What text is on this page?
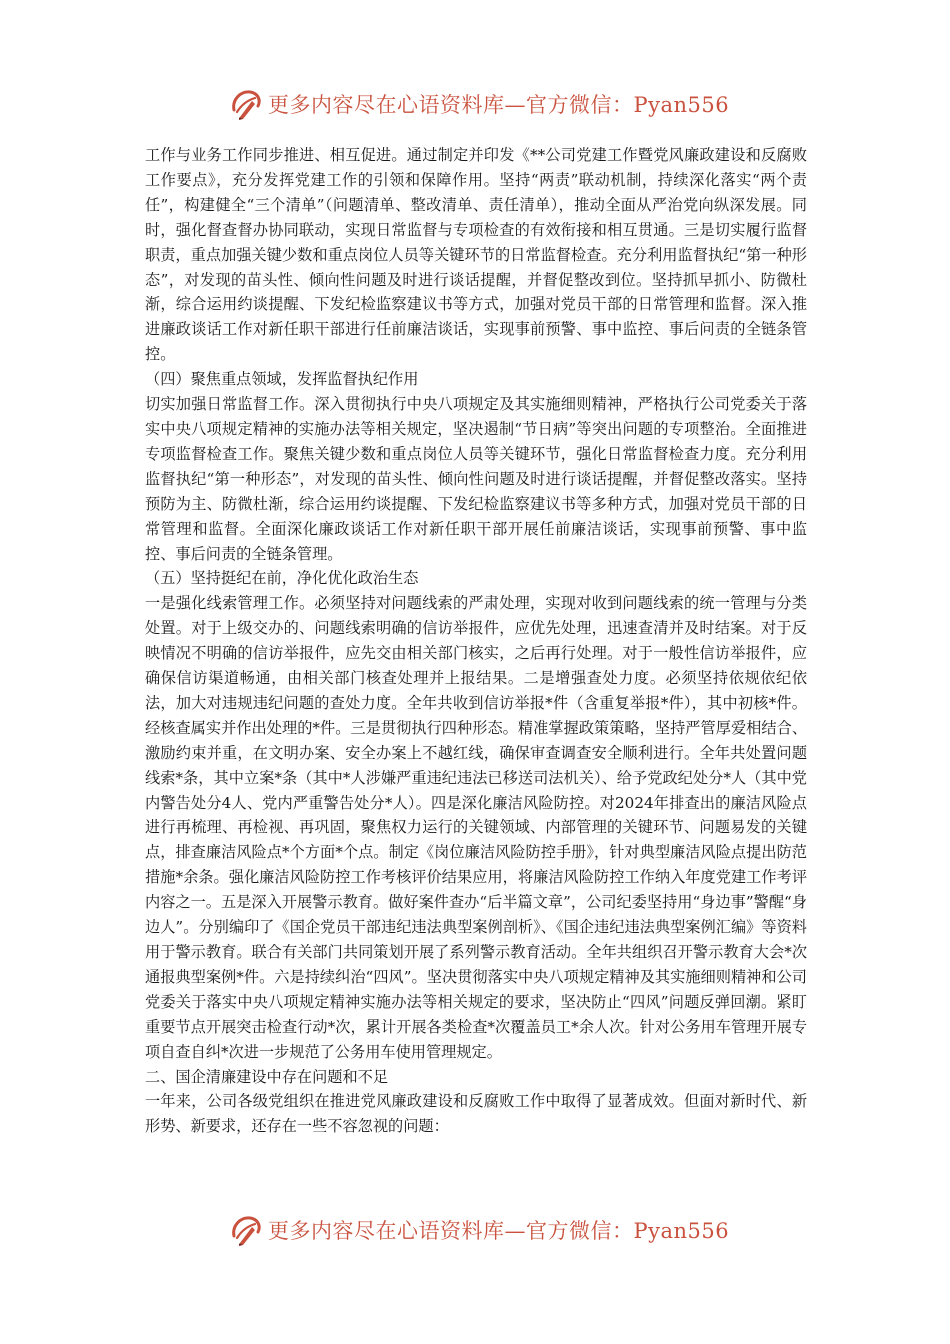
更多内容尽在心语资料库—官方微信：Pyan556

工作与业务工作同步推进、相互促进。通过制定并印发《**公司党建工作暨党风廉政建设和反腐败工作要点》，充分发挥党建工作的引领和保障作用。坚持“两责”联动机制，持续深化落实“两个责任”，构建健全“三个清单”（问题清单、整改清单、责任清单），推动全面从严治党向纵深发展。同时，强化督查督办协同联动，实现日常监督与专项检查的有效衔接和相互贯通。三是切实履行监督职责，重点加强关键少数和重点岗位人员等关键环节的日常监督检查。充分利用监督执纪“第一种形态”，对发现的苗头性、倾向性问题及时进行谈话提醒，并督促整改到位。坚持抓早抓小、防微杜渐，综合运用约谈提醒、下发纪检监察建议书等方式，加强对党员干部的日常管理和监督。深入推进廉政谈话工作对新任职干部进行任前廉洁谈话，实现事前预警、事中监控、事后问责的全链条管控。

（四）聚焦重点领域，发挥监督执纪作用

切实加强日常监督工作。深入贯彻执行中央八项规定及其实施细则精神，严格执行公司党委关于落实中央八项规定精神的实施办法等相关规定，坚决遏制“节日病”等突出问题的专项整治。全面推进专项监督检查工作。聚焦关键少数和重点岗位人员等关键环节，强化日常监督检查力度。充分利用监督执纪“第一种形态”，对发现的苗头性、倾向性问题及时进行谈话提醒，并督促整改落实。坚持预防为主、防微杜渐，综合运用约谈提醒、下发纪检监察建议书等多种方式，加强对党员干部的日常管理和监督。全面深化廉政谈话工作对新任职干部开展任前廉洁谈话，实现事前预警、事中监控、事后问责的全链条管理。

（五）坚持挺纪在前，净化优化政治生态

一是强化线索管理工作。必须坚持对问题线索的严肃处理，实现对收到问题线索的统一管理与分类处置。对于上级交办的、问题线索明确的信访举报件，应优先处理，迅速查清并及时结案。对于反映情况不明确的信访举报件，应先交由相关部门核实，之后再行处理。对于一般性信访举报件，应确保信访渠道畅通，由相关部门核查处理并上报结果。二是增强查处力度。必须坚持依规依纪依法，加大对违规违纪问题的查处力度。全年共收到信访举报*件（含重复举报*件），其中初核*件。经核查属实并作出处理的*件。三是贯彻执行四种形态。精准掌握政策策略，坚持严管厚爱相结合、激励约束并重，在文明办案、安全办案上不越红线，确保审查调查安全顺利进行。全年共处置问题线索*条，其中立案*条（其中*人涉嫌严重违纪违法已移送司法机关）、给予党政纪处分*人（其中党内警告处分4人、党内严重警告处分*人）。四是深化廉洁风险防控。对2024年排查出的廉洁风险点进行再梳理、再检视、再巩固，聚焦权力运行的关键领域、内部管理的关键环节、问题易发的关键点，排查廉洁风险点*个方面*个点。制定《岗位廉洁风险防控手册》，针对典型廉洁风险点提出防范措施*余条。强化廉洁风险防控工作考核评价结果应用，将廉洁风险防控工作纳入年度党建工作考评内容之一。五是深入开展警示教育。做好案件查办“后半篇文章”，公司纪委坚持用“身边事”警醒“身边人”。分别编印了《国企党员干部违纪违法典型案例剖析》、《国企违纪违法典型案例汇编》等资料用于警示教育。联合有关部门共同策划开展了系列警示教育活动。全年共组织召开警示教育大会*次通报典型案例*件。六是持续纠治“四风”。坚决贯彻落实中央八项规定精神及其实施细则精神和公司党委关于落实中央八项规定精神实施办法等相关规定的要求，坚决防止“四风”问题反弹回潮。紧盯重要节点开展突击检查行动*次，累计开展各类检查*次覆盖员工*余人次。针对公务用车管理开展专项自查自纠*次进一步规范了公务用车使用管理规定。

二、国企清廉建设中存在问题和不足

一年来，公司各级党组织在推进党风廉政建设和反腐败工作中取得了显著成效。但面对新时代、新形势、新要求，还存在一些不容忽视的问题：

更多内容尽在心语资料库—官方微信：Pyan556
